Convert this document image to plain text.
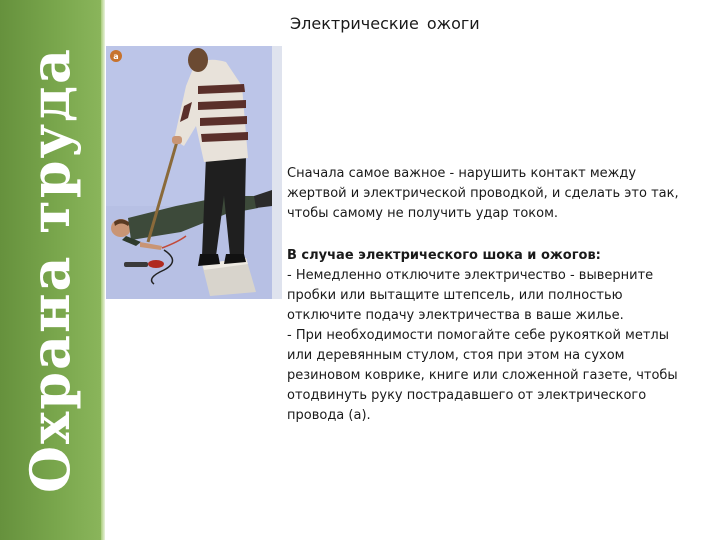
Охрана труда
Электрические ожоги
а

Сначала самое важное - нарушить контакт между жертвой и электрической проводкой, и сделать это так, чтобы самому не получить удар током.

В случае электрического шока и ожогов:
- Немедленно отключите электричество - выверните пробки или вытащите штепсель, или полностью отключите подачу электричества в ваше жилье.
- При необходимости помогайте себе рукояткой метлы или деревянным стулом, стоя при этом на сухом резиновом коврике, книге или сложенной газете, чтобы отодвинуть руку пострадавшего от электрического провода (а).
